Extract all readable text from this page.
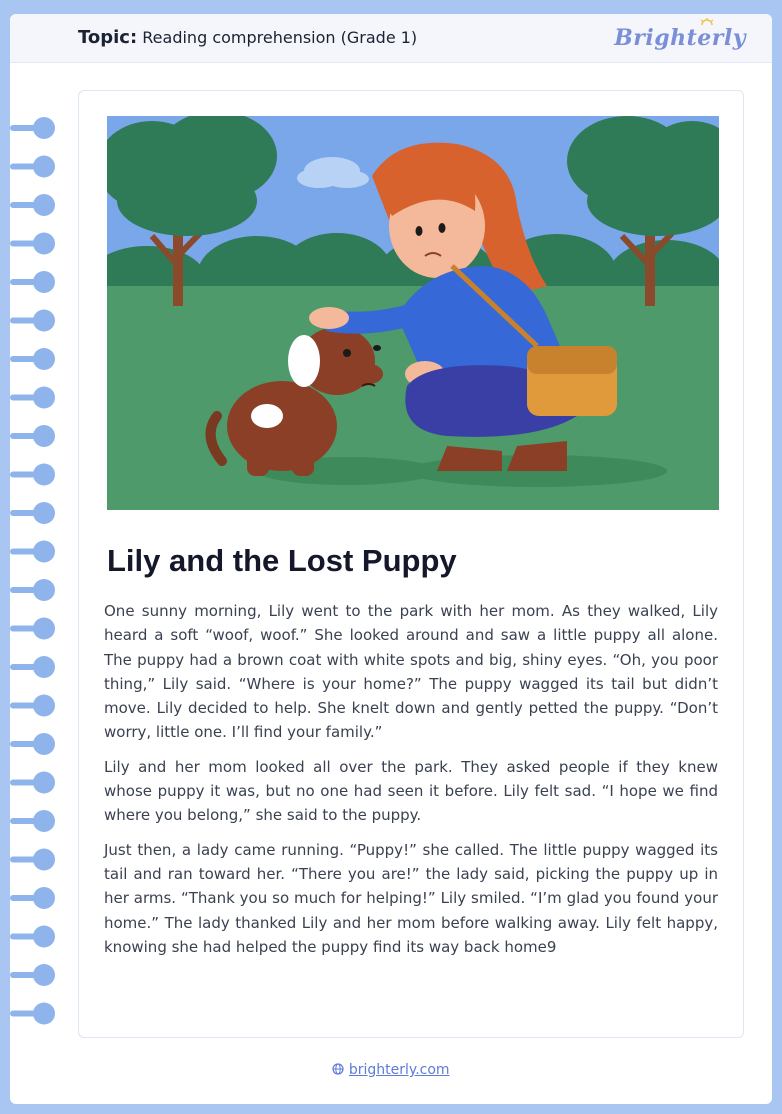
Topic: Reading comprehension (Grade 1)	Brighterly
Lily and the Lost Puppy

One sunny morning, Lily went to the park with her mom. As they walked, Lily heard a soft “woof, woof.” She looked around and saw a little puppy all alone. The puppy had a brown coat with white spots and big, shiny eyes. “Oh, you poor thing,” Lily said. “Where is your home?” The puppy wagged its tail but didn’t move. Lily decided to help. She knelt down and gently petted the puppy. “Don’t worry, little one. I’ll find your family.”

Lily and her mom looked all over the park. They asked people if they knew whose puppy it was, but no one had seen it before. Lily felt sad. “I hope we find where you belong,” she said to the puppy.

Just then, a lady came running. “Puppy!” she called. The little puppy wagged its tail and ran toward her. “There you are!” the lady said, picking the puppy up in her arms. “Thank you so much for helping!” Lily smiled. “I’m glad you found your home.” The lady thanked Lily and her mom before walking away. Lily felt happy, knowing she had helped the puppy find its way back home9

brighterly.com
